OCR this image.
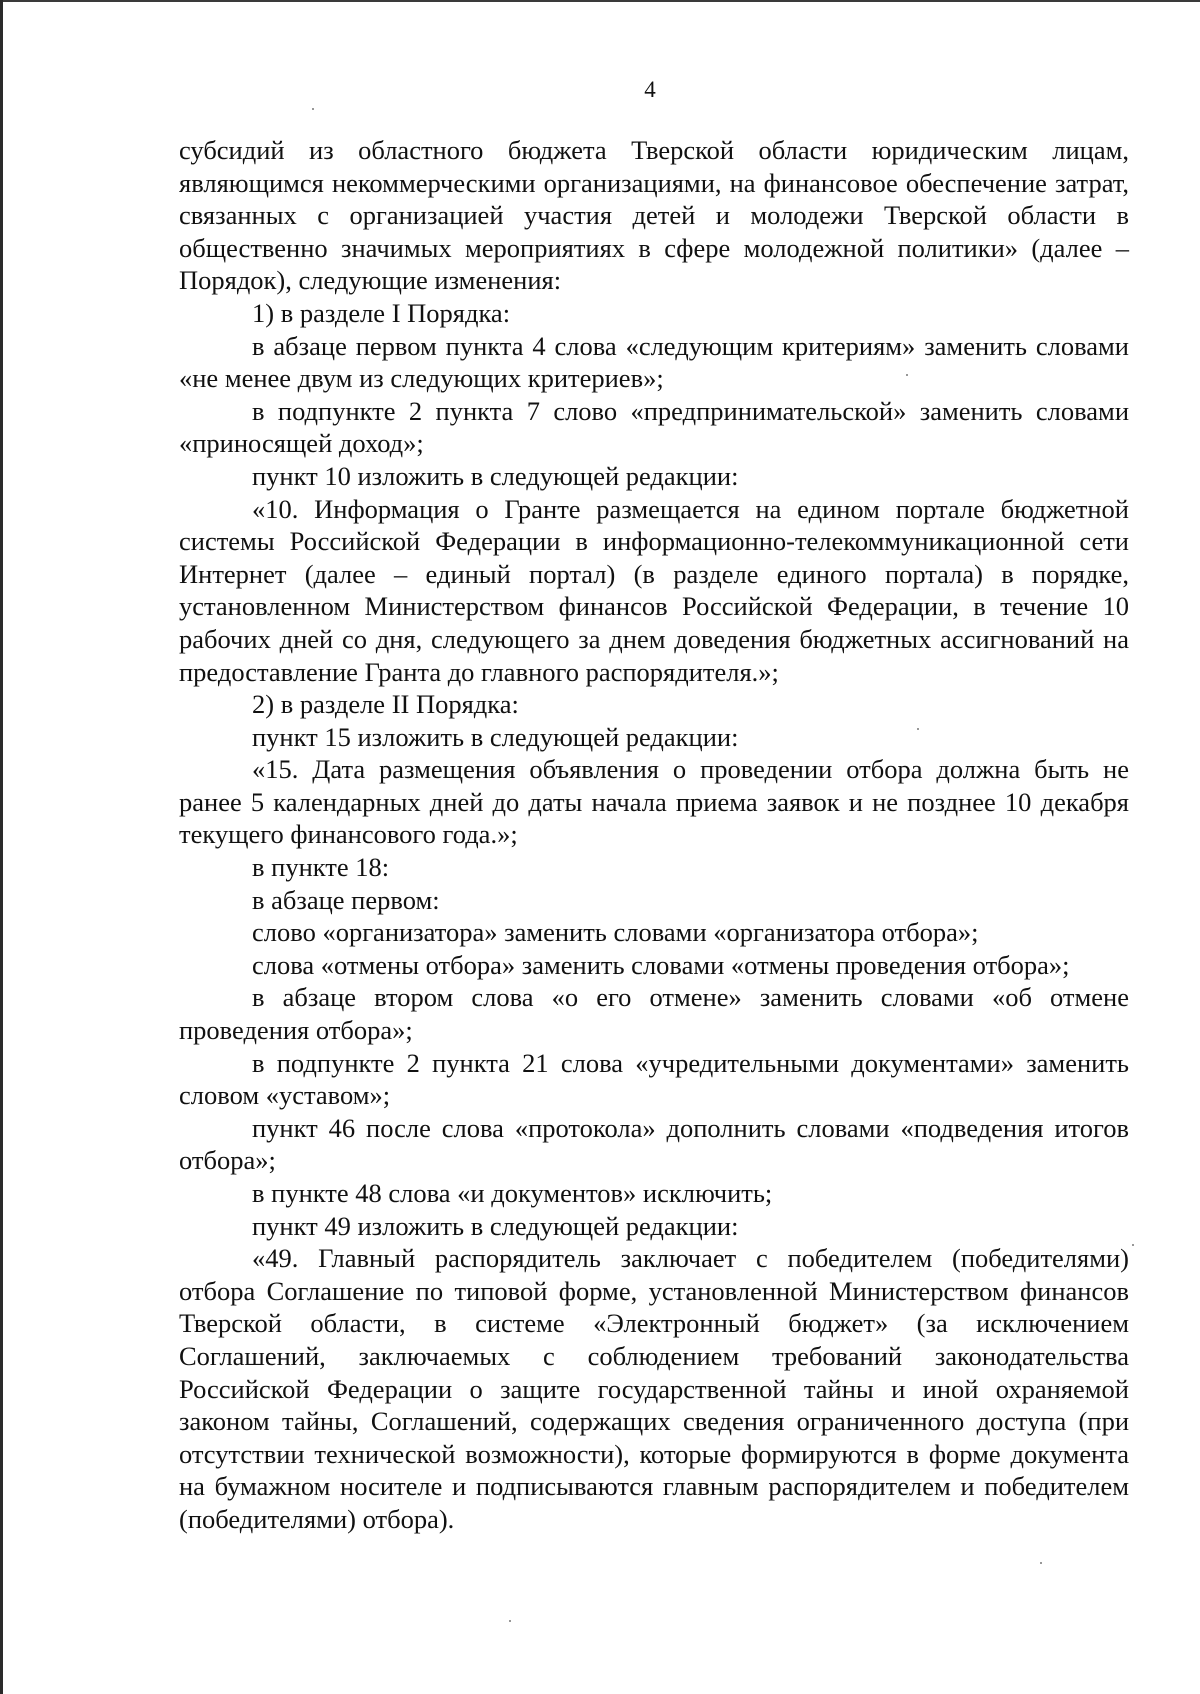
4

субсидий из областного бюджета Тверской области юридическим лицам, являющимся некоммерческими организациями, на финансовое обеспечение затрат, связанных с организацией участия детей и молодежи Тверской области в общественно значимых мероприятиях в сфере молодежной политики» (далее – Порядок), следующие изменения:

1) в разделе I Порядка:

в абзаце первом пункта 4 слова «следующим критериям» заменить словами «не менее двум из следующих критериев»;

в подпункте 2 пункта 7 слово «предпринимательской» заменить словами «приносящей доход»;

пункт 10 изложить в следующей редакции:

«10. Информация о Гранте размещается на едином портале бюджетной системы Российской Федерации в информационно-телекоммуникационной сети Интернет (далее – единый портал) (в разделе единого портала) в порядке, установленном Министерством финансов Российской Федерации, в течение 10 рабочих дней со дня, следующего за днем доведения бюджетных ассигнований на предоставление Гранта до главного распорядителя.»;

2) в разделе II Порядка:

пункт 15 изложить в следующей редакции:

«15. Дата размещения объявления о проведении отбора должна быть не ранее 5 календарных дней до даты начала приема заявок и не позднее 10 декабря текущего финансового года.»;

в пункте 18:

в абзаце первом:

слово «организатора» заменить словами «организатора отбора»;

слова «отмены отбора» заменить словами «отмены проведения отбора»;

в абзаце втором слова «о его отмене» заменить словами «об отмене проведения отбора»;

в подпункте 2 пункта 21 слова «учредительными документами» заменить словом «уставом»;

пункт 46 после слова «протокола» дополнить словами «подведения итогов отбора»;

в пункте 48 слова «и документов» исключить;

пункт 49 изложить в следующей редакции:

«49. Главный распорядитель заключает с победителем (победителями) отбора Соглашение по типовой форме, установленной Министерством финансов Тверской области, в системе «Электронный бюджет» (за исключением Соглашений, заключаемых с соблюдением требований законодательства Российской Федерации о защите государственной тайны и иной охраняемой законом тайны, Соглашений, содержащих сведения ограниченного доступа (при отсутствии технической возможности), которые формируются в форме документа на бумажном носителе и подписываются главным распорядителем и победителем (победителями) отбора).
